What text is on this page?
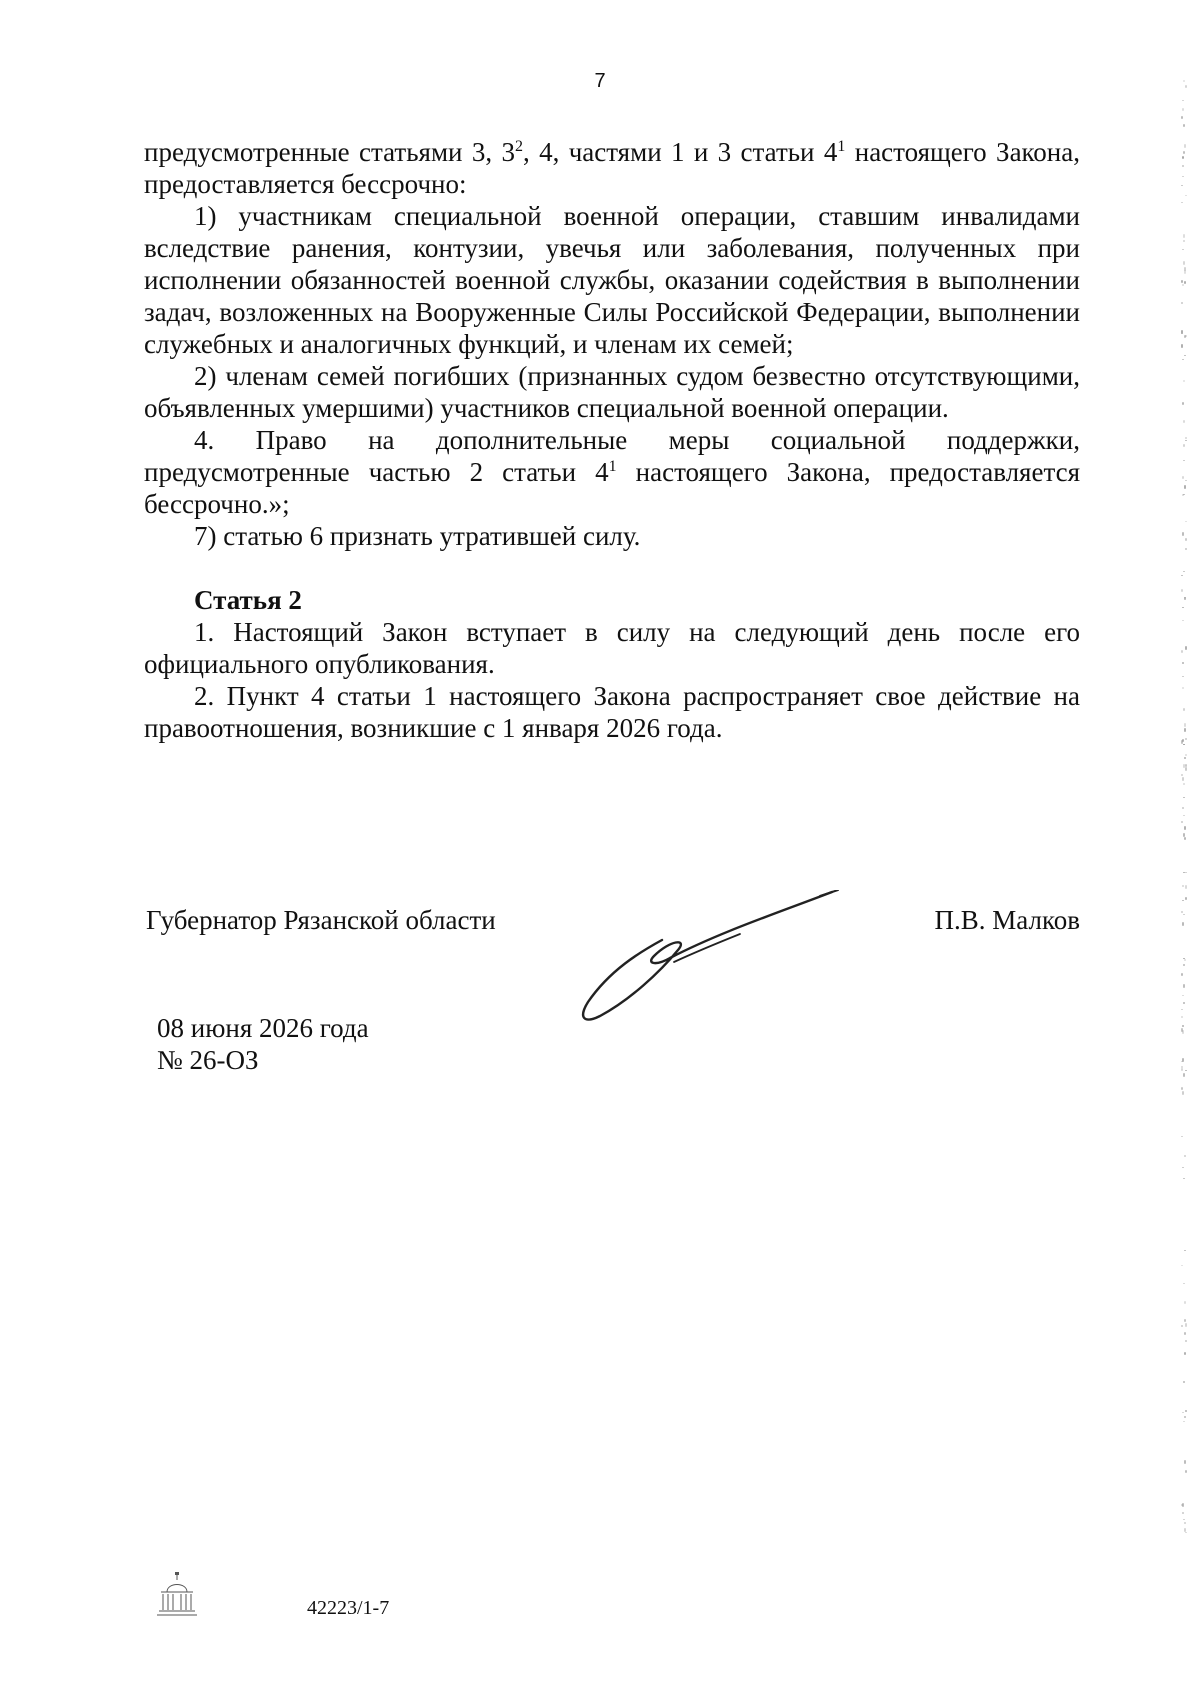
7

предусмотренные статьями 3, $3^2$, 4, частями 1 и 3 статьи $4^1$ настоящего Закона, предоставляется бессрочно:

1) участникам специальной военной операции, ставшим инвалидами вследствие ранения, контузии, увечья или заболевания, полученных при исполнении обязанностей военной службы, оказании содействия в выполнении задач, возложенных на Вооруженные Силы Российской Федерации, выполнении служебных и аналогичных функций, и членам их семей;

2) членам семей погибших (признанных судом безвестно отсутствующими, объявленных умершими) участников специальной военной операции.

4. Право на дополнительные меры социальной поддержки, предусмотренные частью 2 статьи $4^1$ настоящего Закона, предоставляется бессрочно.»;

7) статью 6 признать утратившей силу.

Статья 2

1. Настоящий Закон вступает в силу на следующий день после его официального опубликования.

2. Пункт 4 статьи 1 настоящего Закона распространяет свое действие на правоотношения, возникшие с 1 января 2026 года.

Губернатор Рязанской области	П.В. Малков
08 июня 2026 года
№ 26-ОЗ
42223/1-7
